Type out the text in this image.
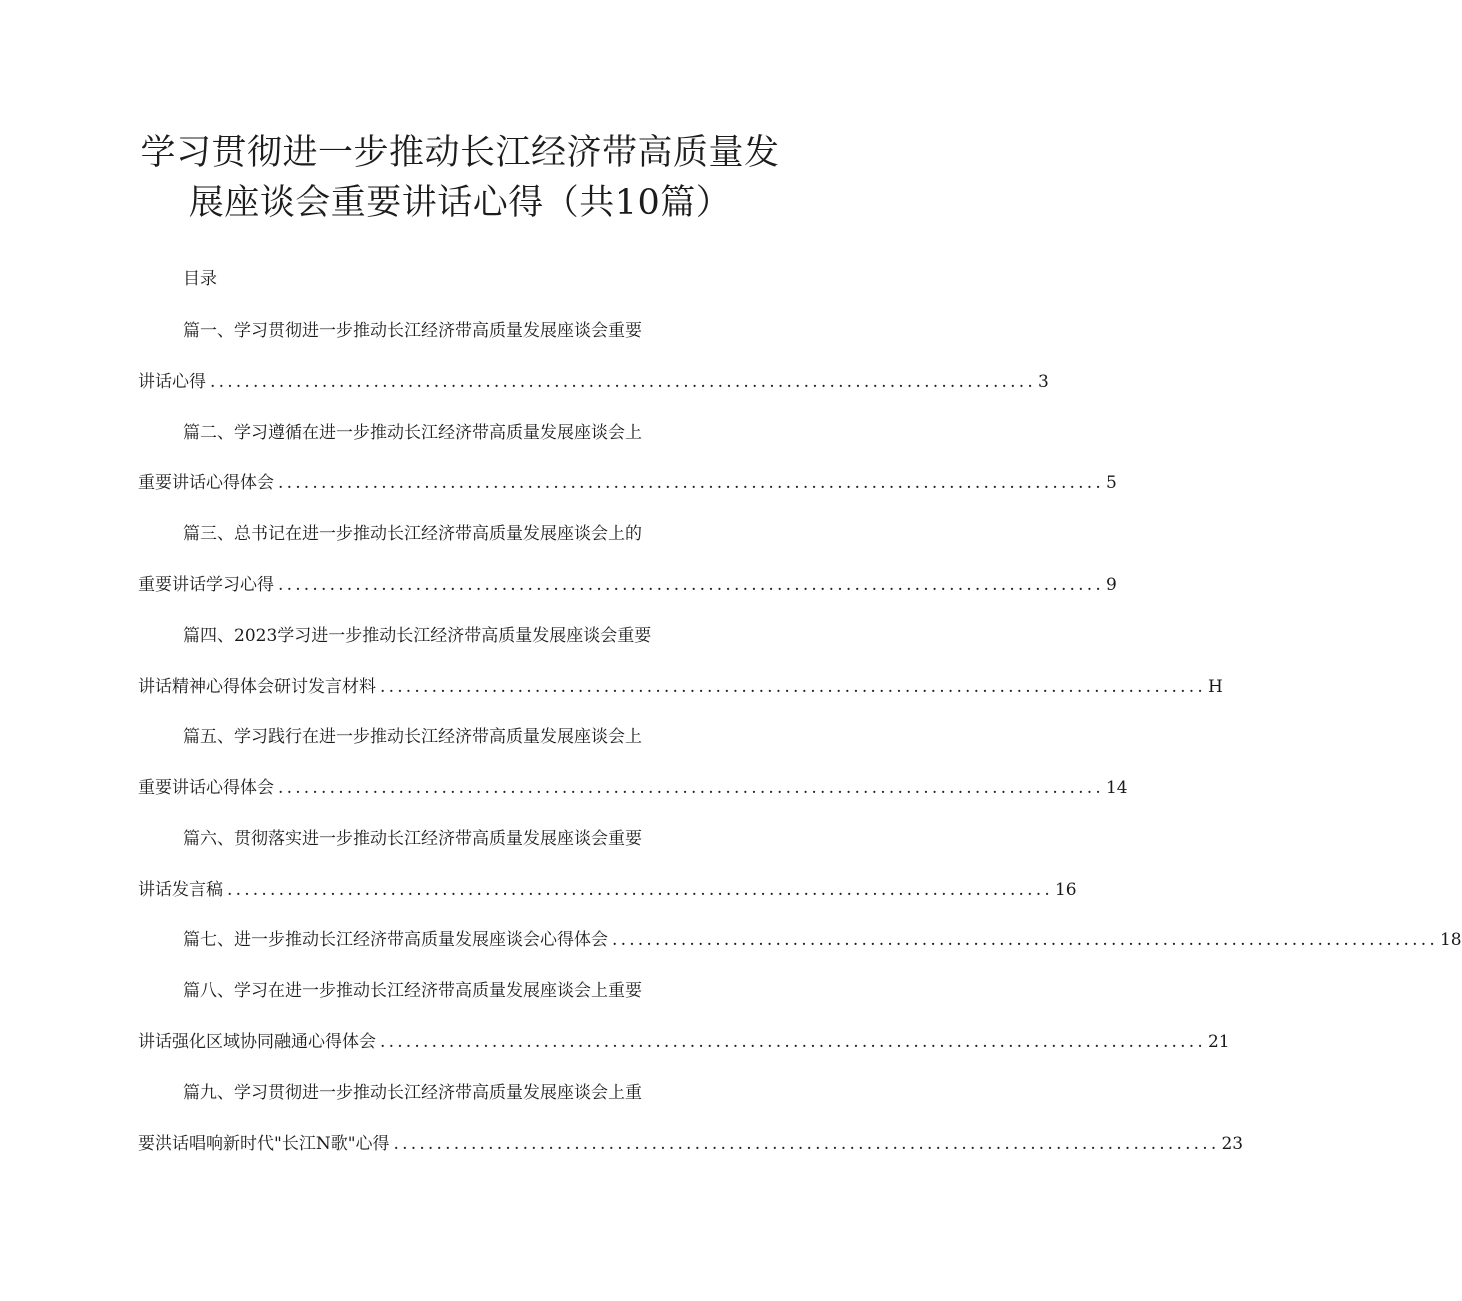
学习贯彻进一步推动长江经济带高质量发
展座谈会重要讲话心得（共10篇）
目录
篇一、学习贯彻进一步推动长江经济带高质量发展座谈会重要
讲话心得 ................................................................................................ 3
篇二、学习遵循在进一步推动长江经济带高质量发展座谈会上
重要讲话心得体会 ................................................................................................ 5
篇三、总书记在进一步推动长江经济带高质量发展座谈会上的
重要讲话学习心得 ................................................................................................ 9
篇四、2023学习进一步推动长江经济带高质量发展座谈会重要
讲话精神心得体会研讨发言材料 ................................................................................................ H
篇五、学习践行在进一步推动长江经济带高质量发展座谈会上
重要讲话心得体会 ................................................................................................ 14
篇六、贯彻落实进一步推动长江经济带高质量发展座谈会重要
讲话发言稿 ................................................................................................ 16
篇七、进一步推动长江经济带高质量发展座谈会心得体会 ................................................................................................ 18
篇八、学习在进一步推动长江经济带高质量发展座谈会上重要
讲话强化区域协同融通心得体会 ................................................................................................ 21
篇九、学习贯彻进一步推动长江经济带高质量发展座谈会上重
要洪话唱响新时代"长江N歌"心得 ................................................................................................ 23
